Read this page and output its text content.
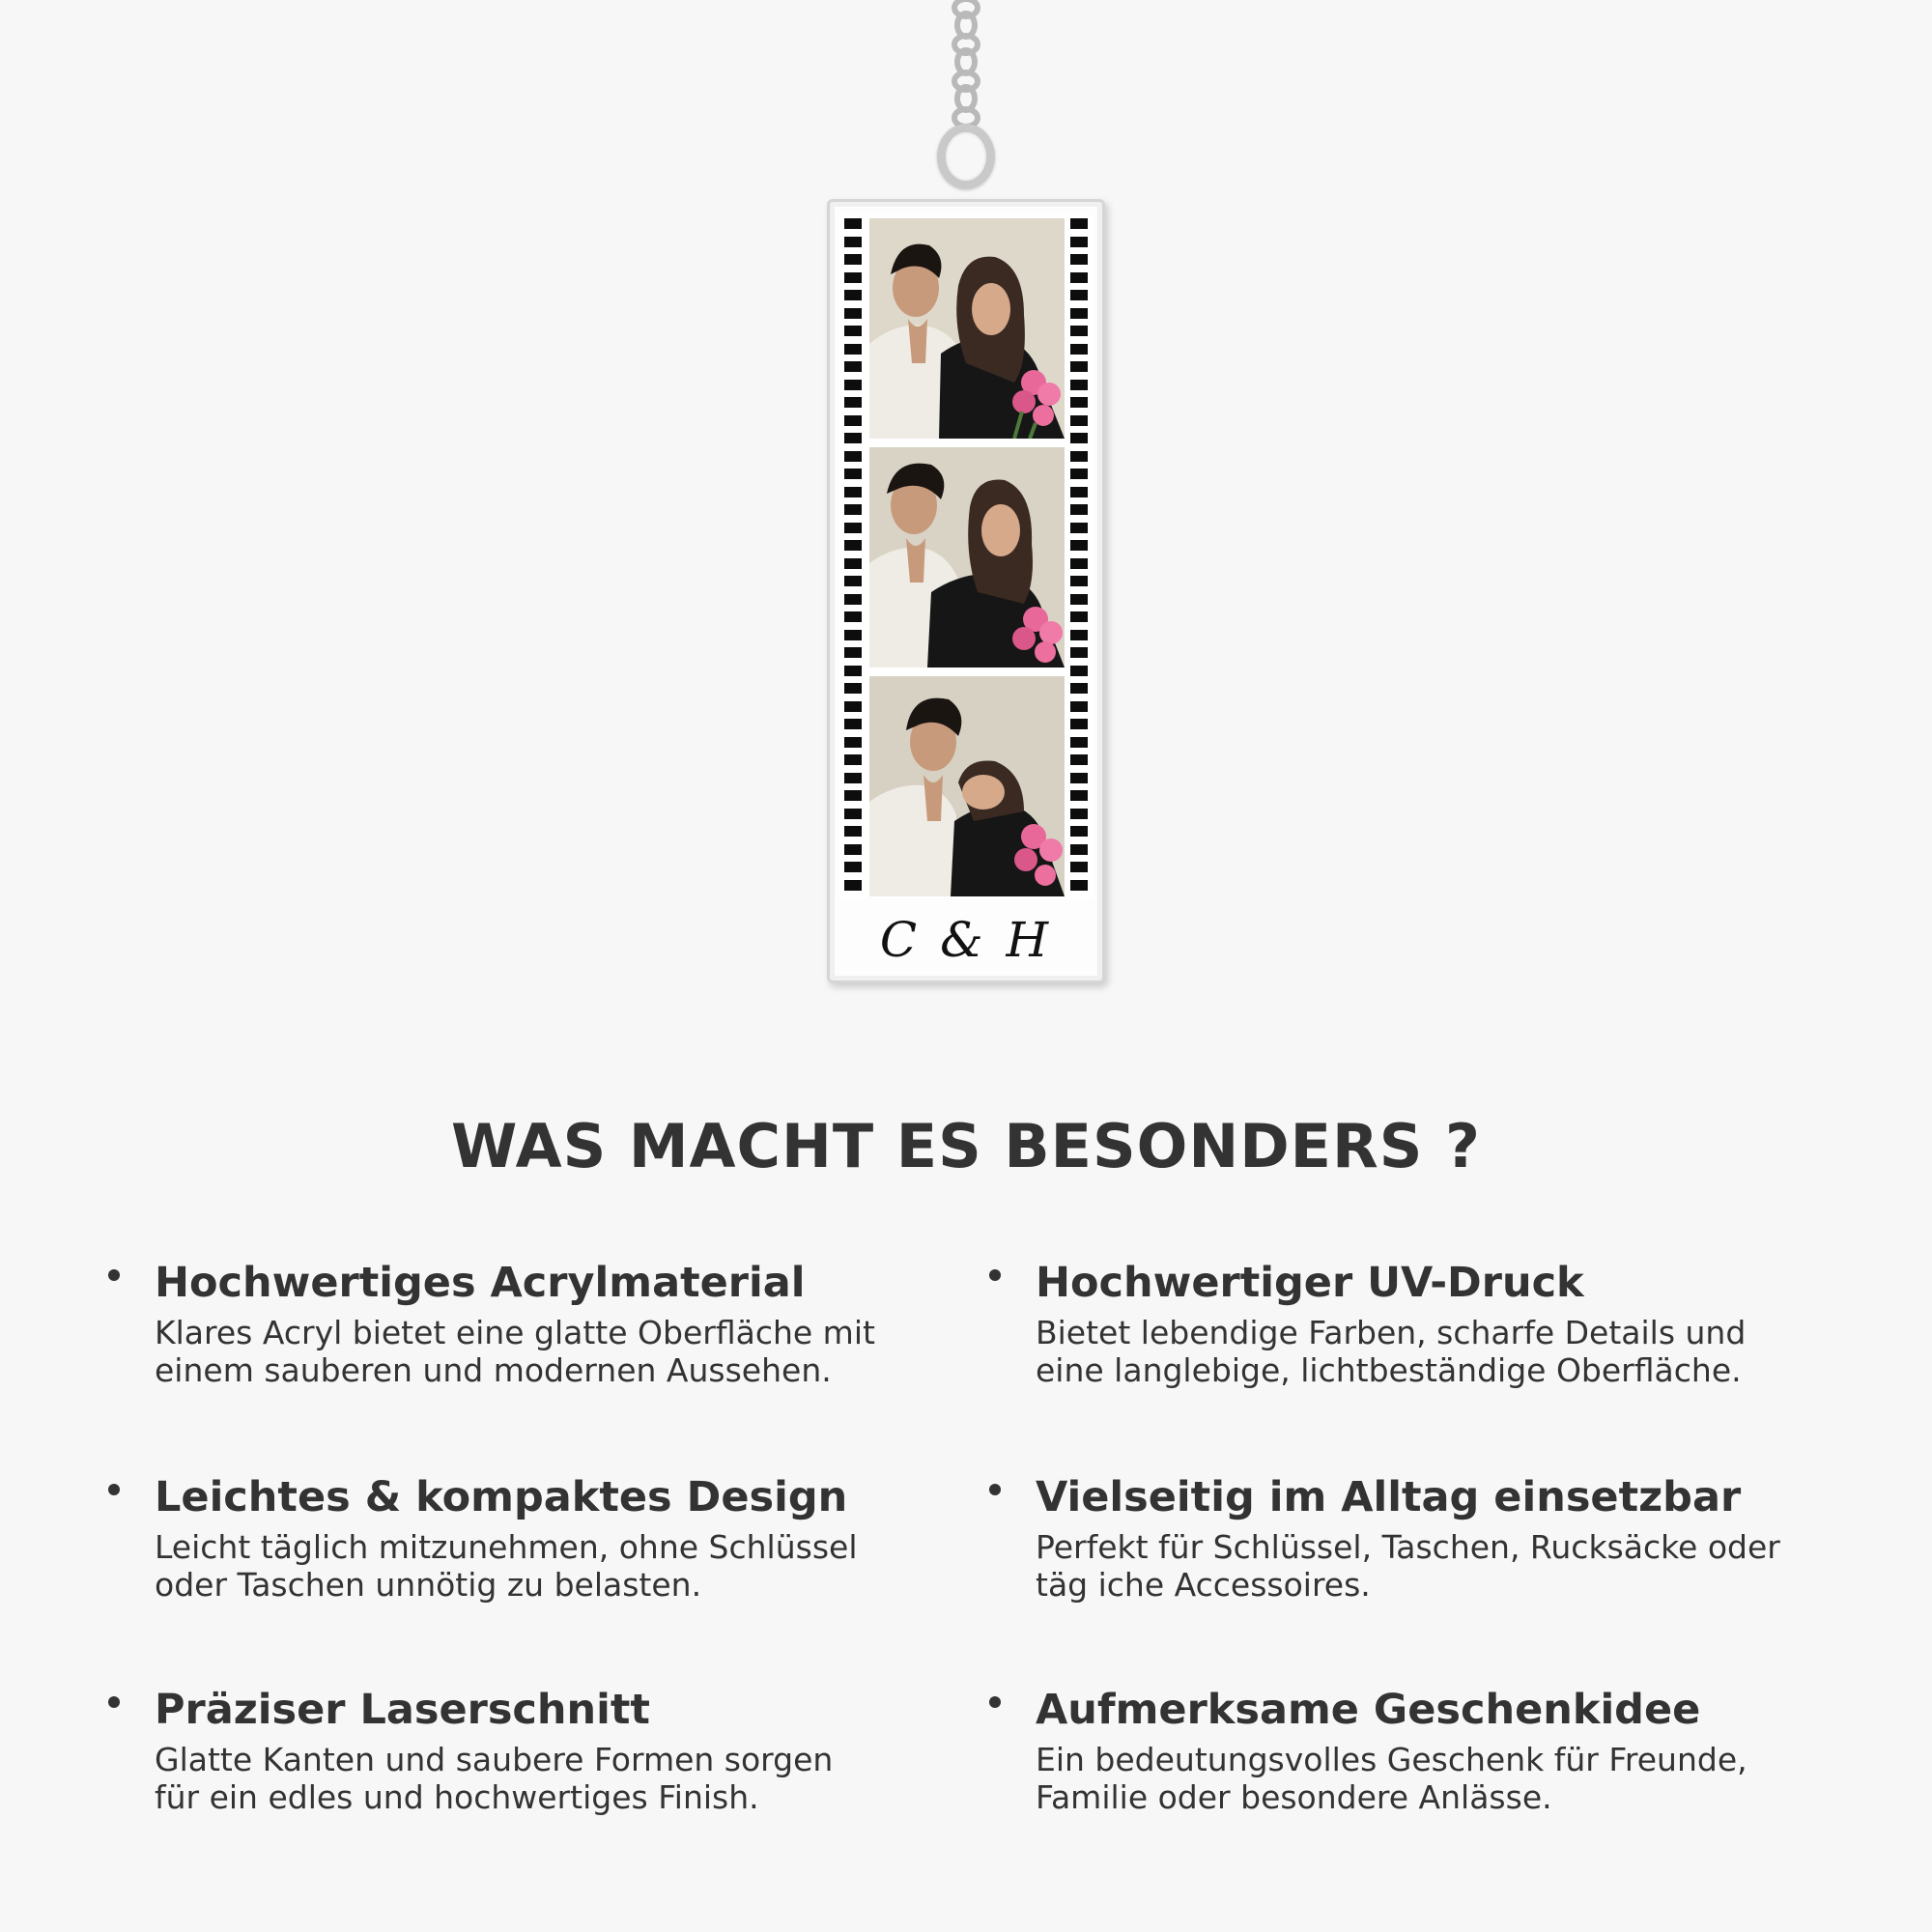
C & H
WAS MACHT ES BESONDERS ?
Hochwertiges Acrylmaterial
Klares Acryl bietet eine glatte Oberfläche mit
einem sauberen und modernen Aussehen.
Hochwertiger UV-Druck
Bietet lebendige Farben, scharfe Details und
eine langlebige, lichtbeständige Oberfläche.
Leichtes & kompaktes Design
Leicht täglich mitzunehmen, ohne Schlüssel
oder Taschen unnötig zu belasten.
Vielseitig im Alltag einsetzbar
Perfekt für Schlüssel, Taschen, Rucksäcke oder
täg iche Accessoires.
Präziser Laserschnitt
Glatte Kanten und saubere Formen sorgen
für ein edles und hochwertiges Finish.
Aufmerksame Geschenkidee
Ein bedeutungsvolles Geschenk für Freunde,
Familie oder besondere Anlässe.
